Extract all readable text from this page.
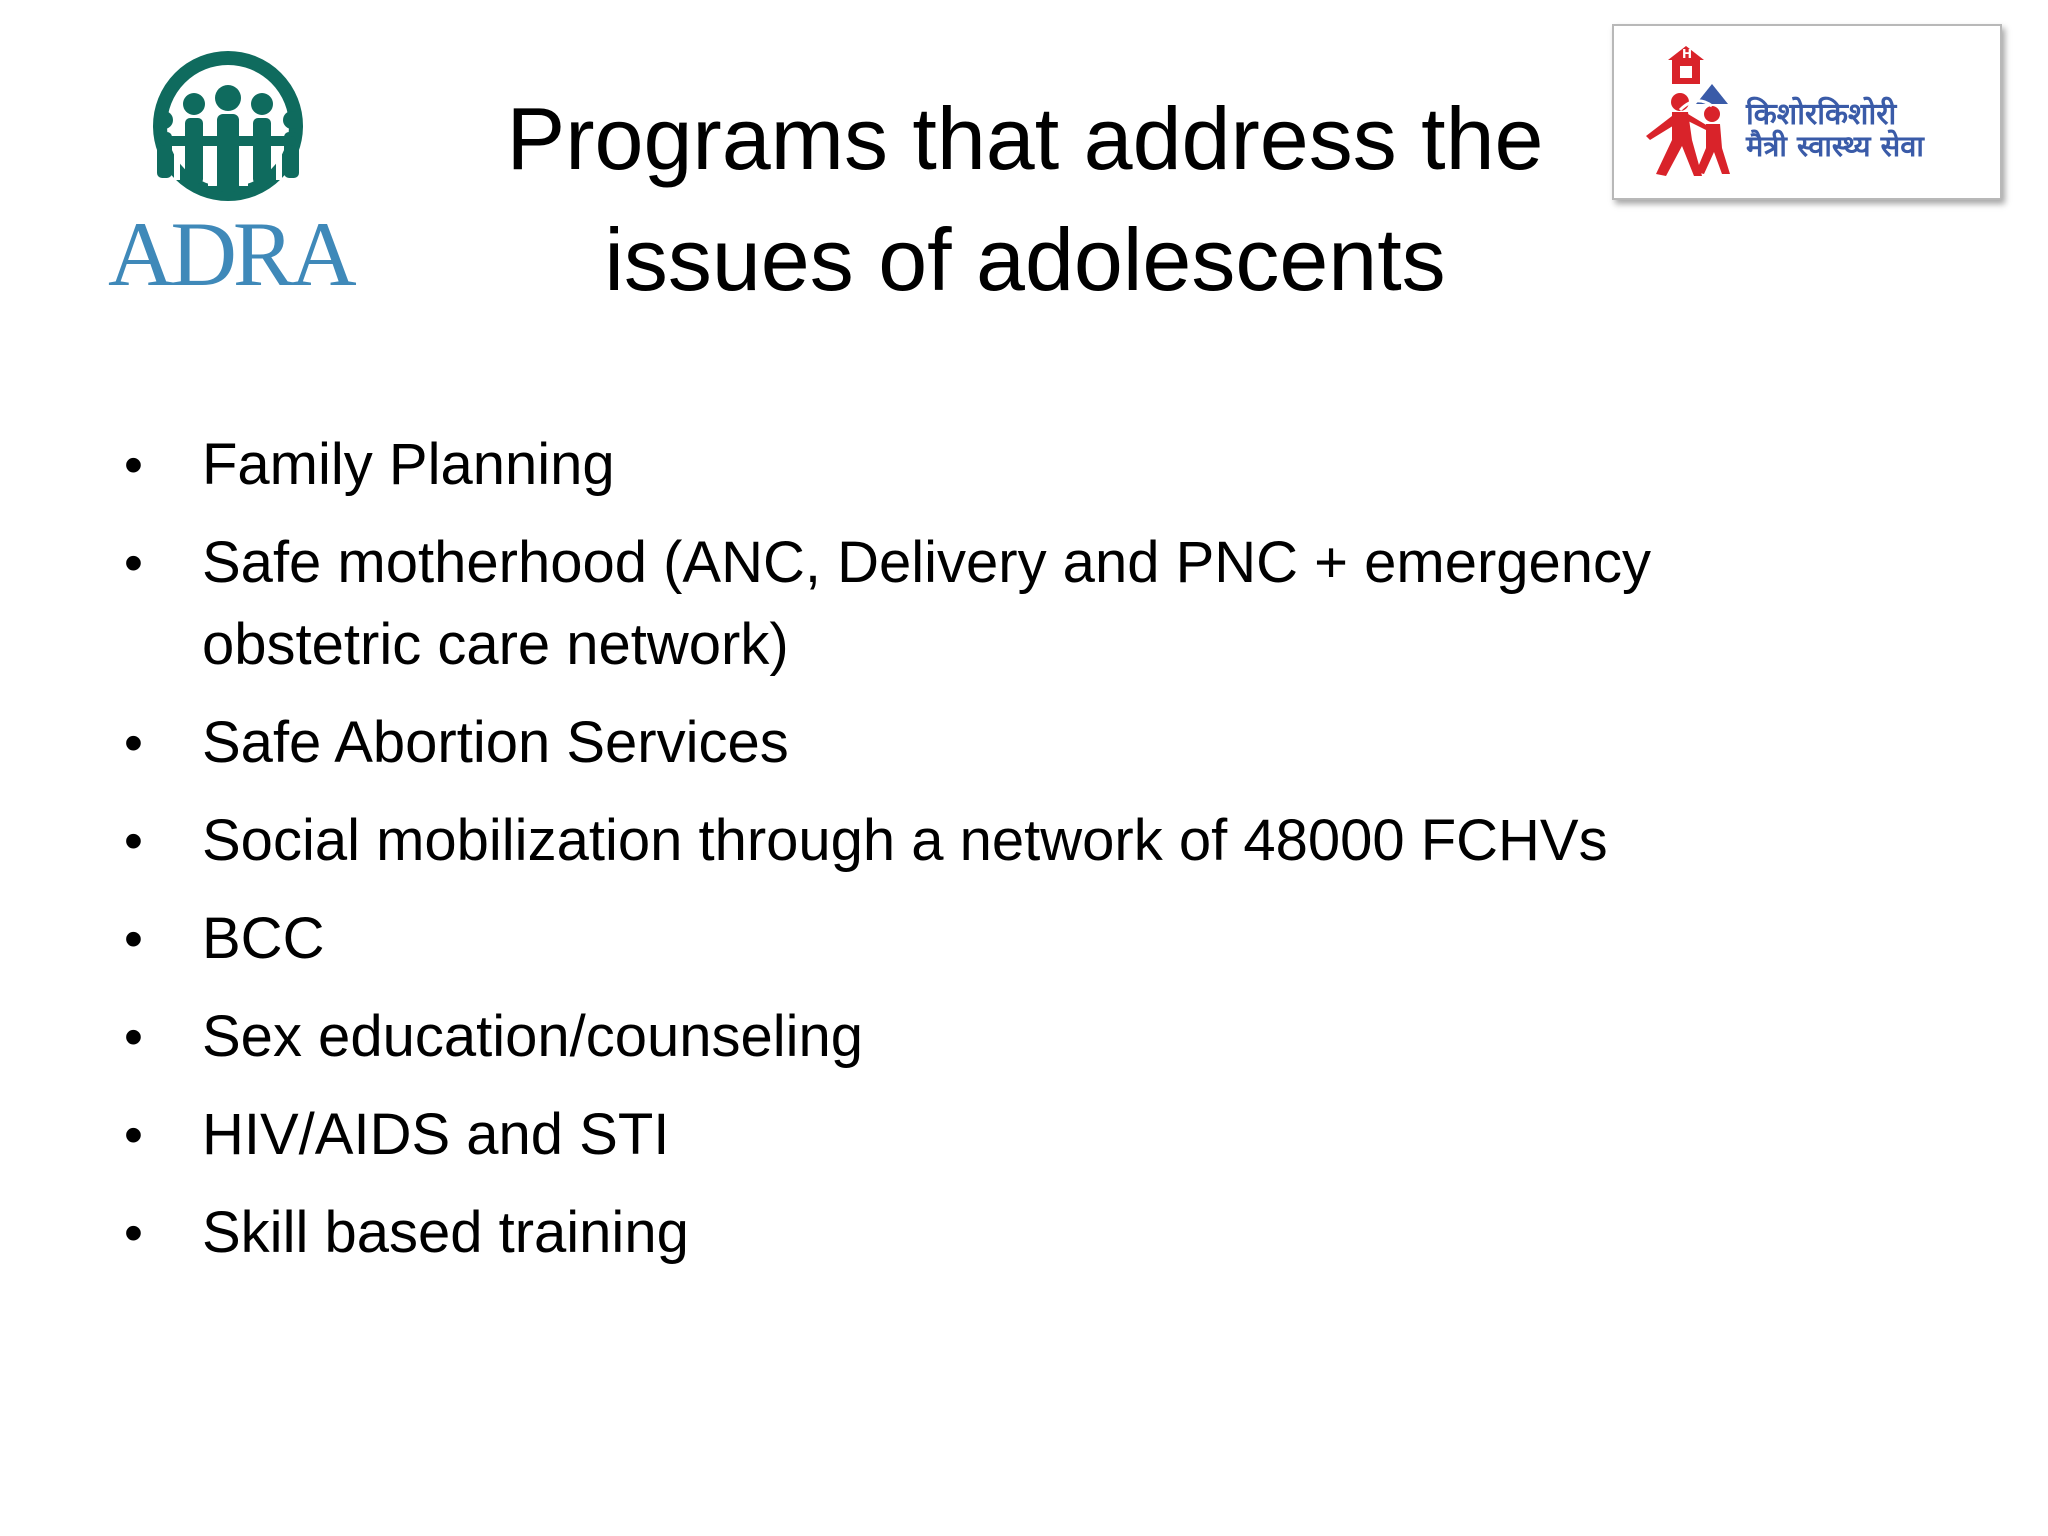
ADRA
Programs that address the
issues of adolescents
H
किशोरकिशोरी
मैत्री स्वास्थ्य सेवा
• Family Planning
• Safe motherhood (ANC, Delivery and PNC + emergency
obstetric care network)
• Safe Abortion Services
• Social mobilization through a network of 48000 FCHVs
• BCC
• Sex education/counseling
• HIV/AIDS and STI
• Skill based training
